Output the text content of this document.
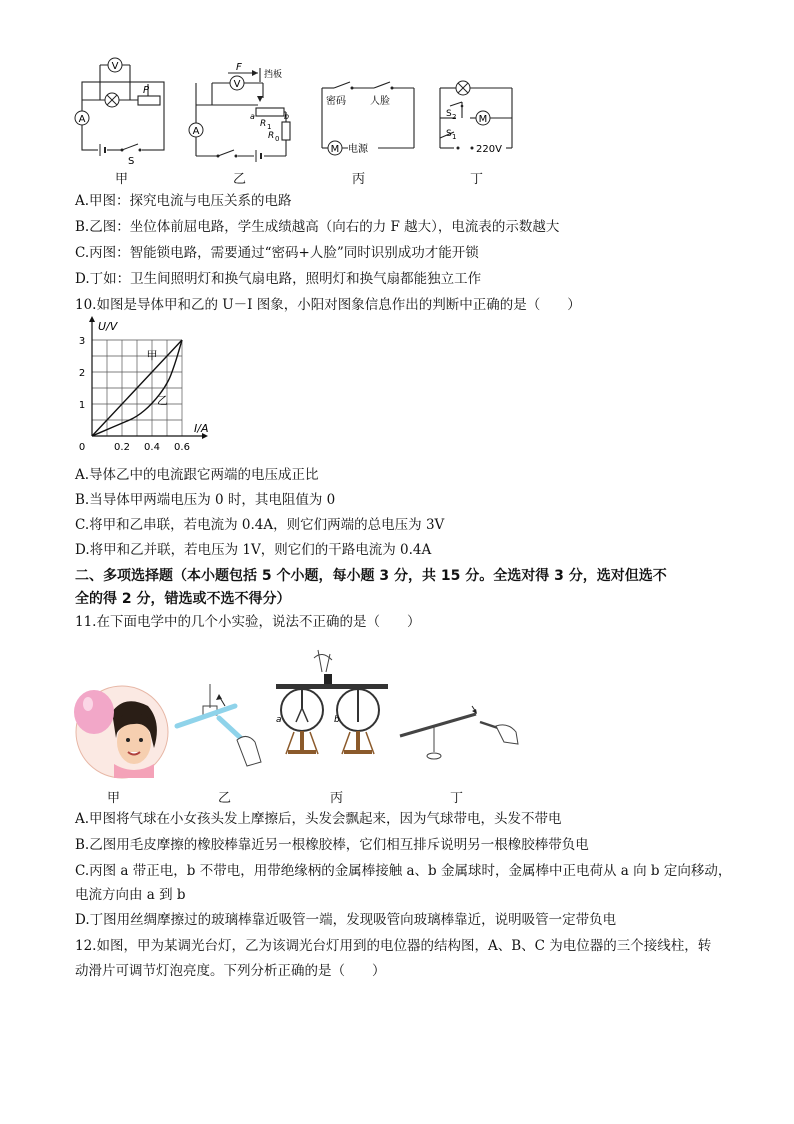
V
A
P
S
甲
F
挡板
V
A
a
R 1
b
R 0
乙
密码 人脸
M 电源
丙
S 2 M
S 1
220V
丁
A.甲图：探究电流与电压关系的电路
B.乙图：坐位体前屈电路，学生成绩越高（向右的力 F 越大），电流表的示数越大
C.丙图：智能锁电路，需要通过“密码+人脸”同时识别成功才能开锁
D.丁如：卫生间照明灯和换气扇电路，照明灯和换气扇都能独立工作
10.如图是导体甲和乙的 U－I 图象，小阳对图象信息作出的判断中正确的是（　　）
0.2 0.4 0.6
1
2
3
0
甲
乙
U/V
I/A
A.导体乙中的电流跟它两端的电压成正比
B.当导体甲两端电压为 0 时，其电阻值为 0
C.将甲和乙串联，若电流为 0.4A，则它们两端的总电压为 3V
D.将甲和乙并联，若电压为 1V，则它们的干路电流为 0.4A
二、多项选择题（本小题包括 5 个小题，每小题 3 分，共 15 分。全选对得 3 分，选对但选不
全的得 2 分，错选或不选不得分）
11.在下面电学中的几个小实验，说法不正确的是（　　）
甲	乙
a	b
丙	丁
A.甲图将气球在小女孩头发上摩擦后，头发会飘起来，因为气球带电，头发不带电
B.乙图用毛皮摩擦的橡胶棒靠近另一根橡胶棒，它们相互排斥说明另一根橡胶棒带负电
C.丙图 a 带正电，b 不带电，用带绝缘柄的金属棒接触 a、b 金属球时，金属棒中正电荷从 a 向 b 定向移动，
电流方向由 a 到 b
D.丁图用丝绸摩擦过的玻璃棒靠近吸管一端，发现吸管向玻璃棒靠近，说明吸管一定带负电
12.如图，甲为某调光台灯，乙为该调光台灯用到的电位器的结构图，A、B、C 为电位器的三个接线柱，转
动滑片可调节灯泡亮度。下列分析正确的是（　　）
